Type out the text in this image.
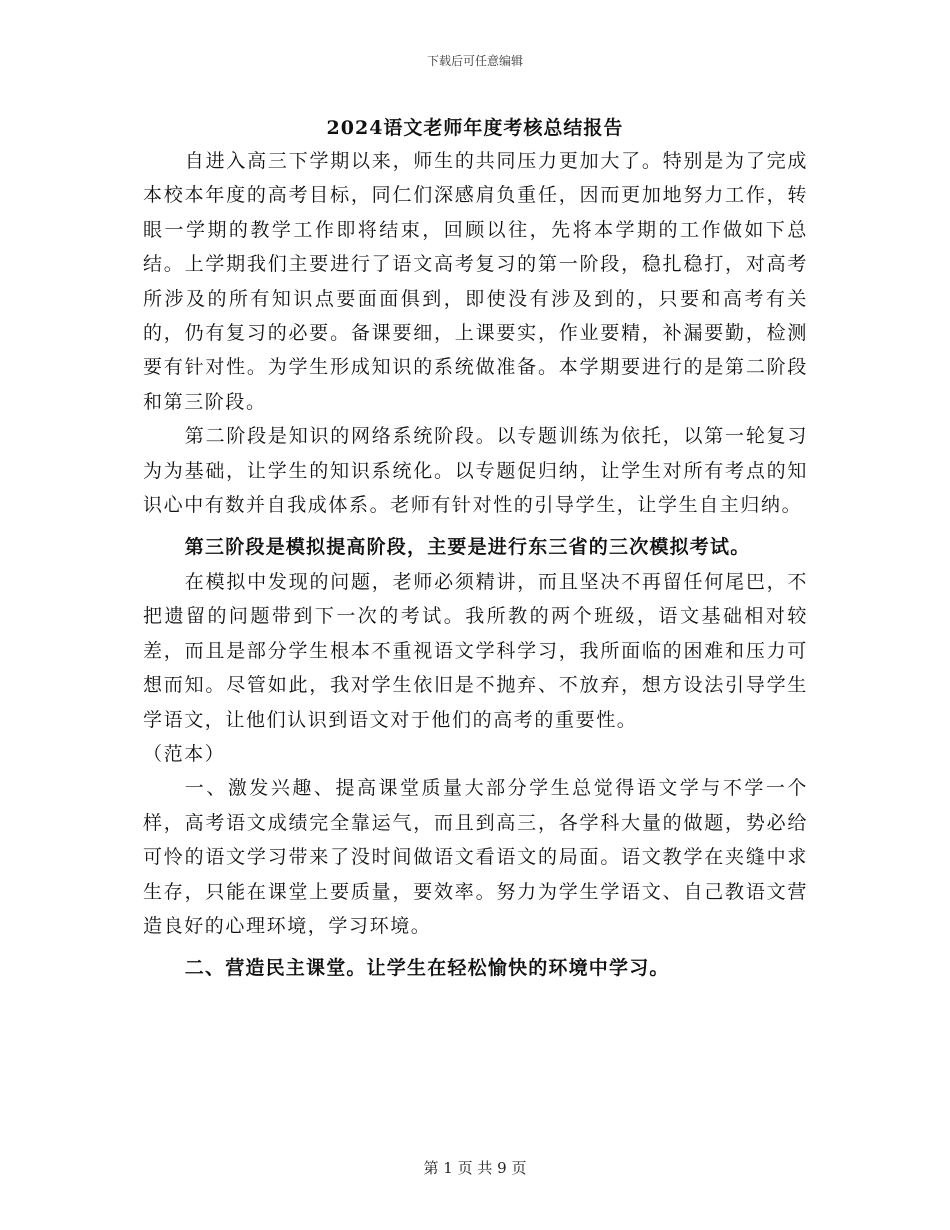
下载后可任意编辑
2024语文老师年度考核总结报告

自进入高三下学期以来，师生的共同压力更加大了。特别是为了完成本校本年度的高考目标，同仁们深感肩负重任，因而更加地努力工作，转眼一学期的教学工作即将结束，回顾以往，先将本学期的工作做如下总结。上学期我们主要进行了语文高考复习的第一阶段，稳扎稳打，对高考所涉及的所有知识点要面面俱到，即使没有涉及到的，只要和高考有关的，仍有复习的必要。备课要细，上课要实，作业要精，补漏要勤，检测要有针对性。为学生形成知识的系统做准备。本学期要进行的是第二阶段和第三阶段。

第二阶段是知识的网络系统阶段。以专题训练为依托，以第一轮复习为为基础，让学生的知识系统化。以专题促归纳，让学生对所有考点的知识心中有数并自我成体系。老师有针对性的引导学生，让学生自主归纳。

第三阶段是模拟提高阶段，主要是进行东三省的三次模拟考试。

在模拟中发现的问题，老师必须精讲，而且坚决不再留任何尾巴，不把遗留的问题带到下一次的考试。我所教的两个班级，语文基础相对较差，而且是部分学生根本不重视语文学科学习，我所面临的困难和压力可想而知。尽管如此，我对学生依旧是不抛弃、不放弃，想方设法引导学生学语文，让他们认识到语文对于他们的高考的重要性。

（范本）

一、激发兴趣、提高课堂质量大部分学生总觉得语文学与不学一个样，高考语文成绩完全靠运气，而且到高三，各学科大量的做题，势必给可怜的语文学习带来了没时间做语文看语文的局面。语文教学在夹缝中求生存，只能在课堂上要质量，要效率。努力为学生学语文、自己教语文营造良好的心理环境，学习环境。

二、营造民主课堂。让学生在轻松愉快的环境中学习。

第 1 页 共 9 页
